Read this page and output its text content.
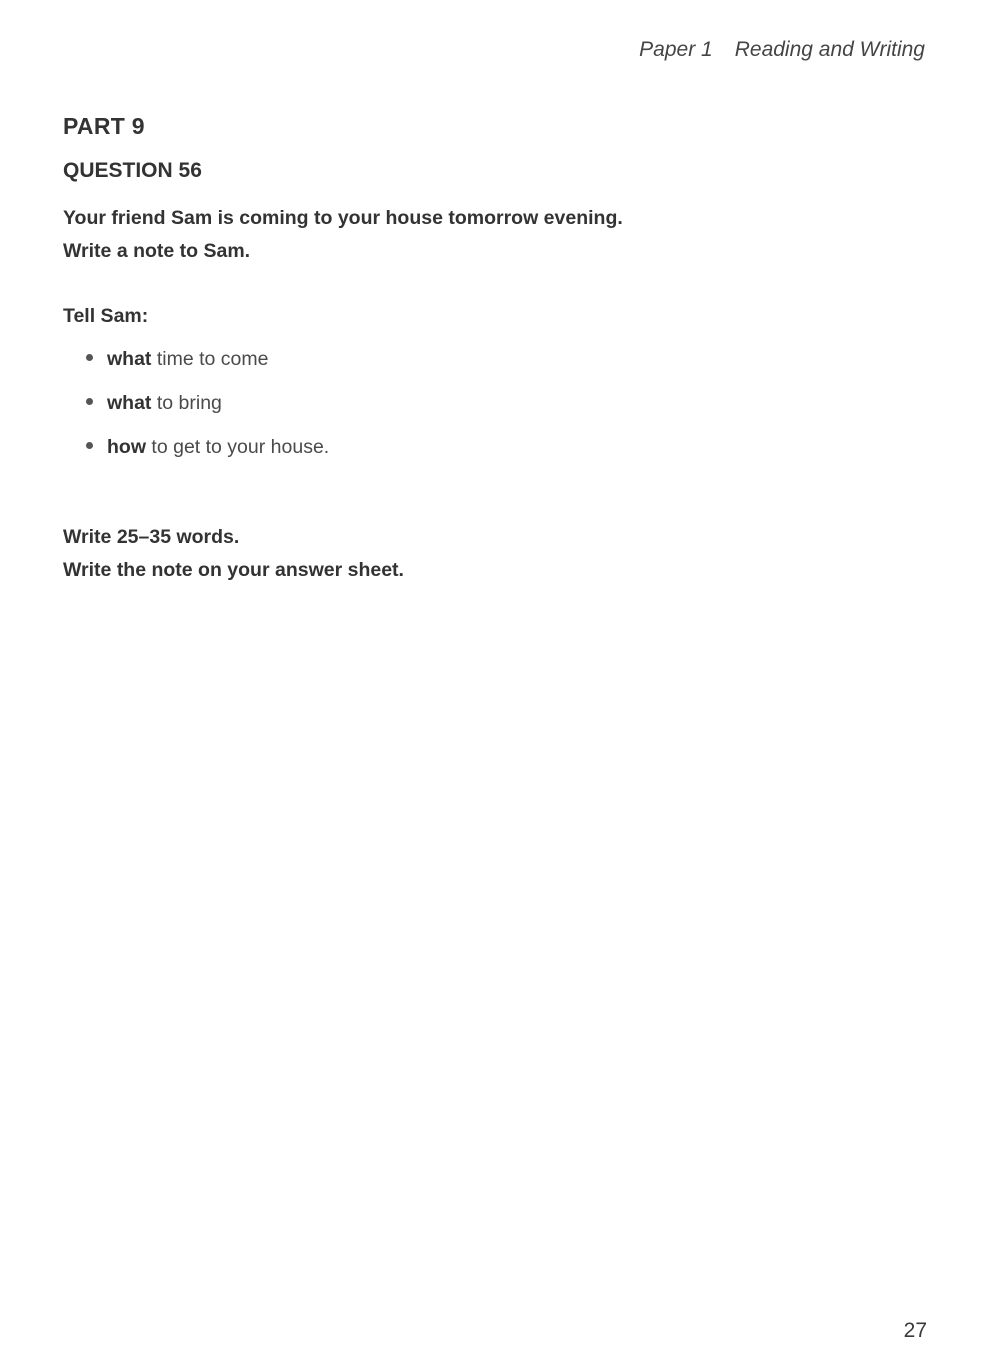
Paper 1 Reading and Writing
PART 9
QUESTION 56
Your friend Sam is coming to your house tomorrow evening.
Write a note to Sam.
Tell Sam:
what time to come
what to bring
how to get to your house.
Write 25–35 words.
Write the note on your answer sheet.
27
